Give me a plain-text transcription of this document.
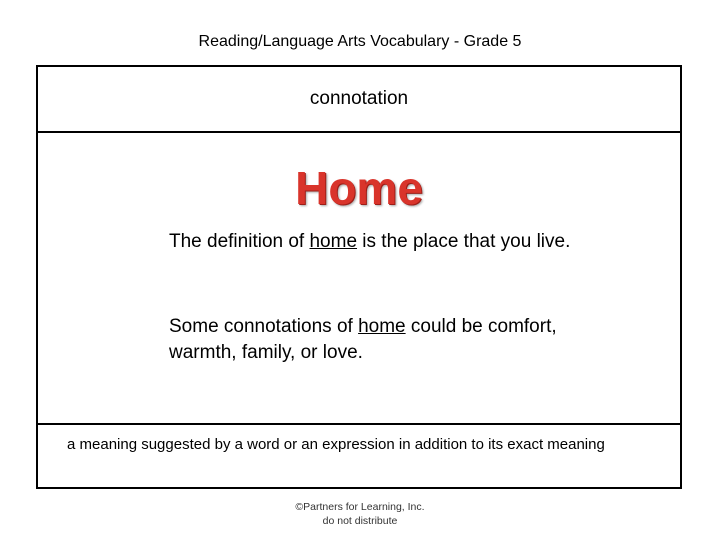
Reading/Language Arts Vocabulary - Grade 5
connotation
Home
The definition of home is the place that you live.
Some connotations of home could be comfort, warmth, family, or love.
a meaning suggested by a word or an expression in addition to its exact meaning
©Partners for Learning, Inc.
do not distribute
